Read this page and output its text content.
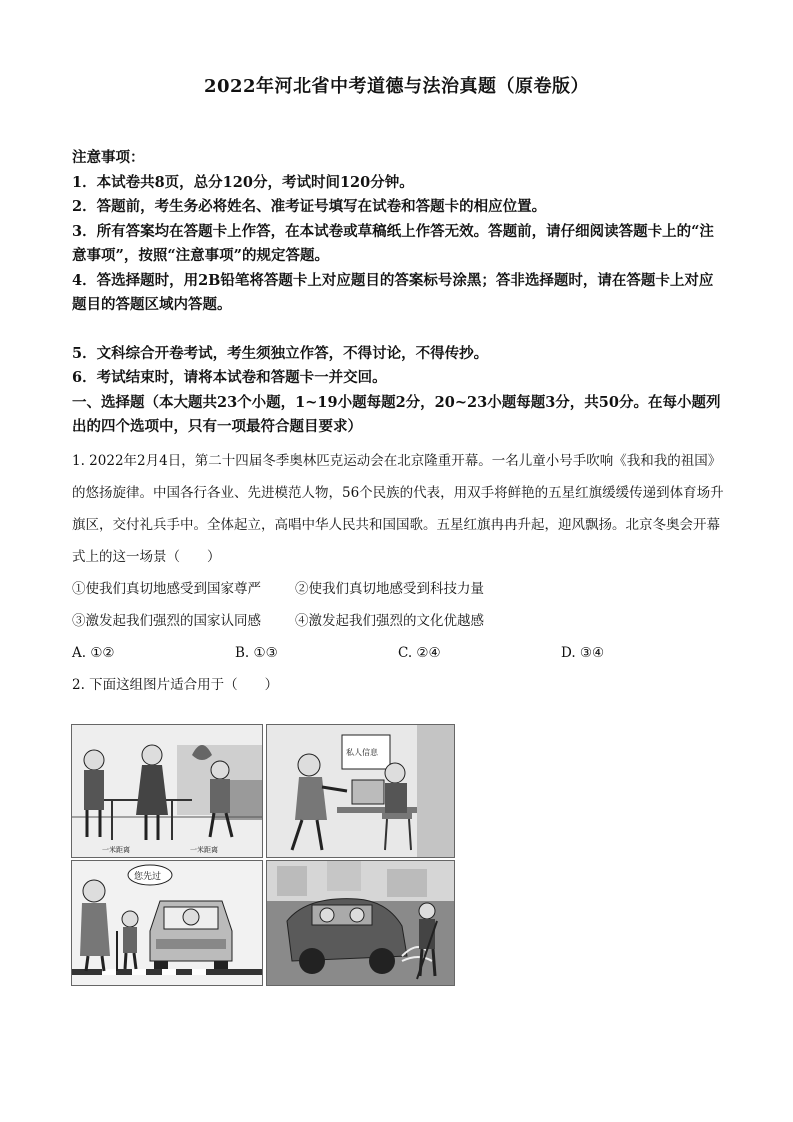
2022年河北省中考道德与法治真题（原卷版）

注意事项：

1．本试卷共8页，总分120分，考试时间120分钟。

2．答题前，考生务必将姓名、准考证号填写在试卷和答题卡的相应位置。

3．所有答案均在答题卡上作答，在本试卷或草稿纸上作答无效。答题前，请仔细阅读答题卡上的“注意事项”，按照“注意事项”的规定答题。

4．答选择题时，用2B铅笔将答题卡上对应题目的答案标号涂黑；答非选择题时，请在答题卡上对应题目的答题区域内答题。

5．文科综合开卷考试，考生须独立作答，不得讨论，不得传抄。

6．考试结束时，请将本试卷和答题卡一并交回。

一、选择题（本大题共23个小题，1~19小题每题2分，20~23小题每题3分，共50分。在每小题列出的四个选项中，只有一项最符合题目要求）

1. 2022年2月4日，第二十四届冬季奥林匹克运动会在北京隆重开幕。一名儿童小号手吹响《我和我的祖国》的悠扬旋律。中国各行各业、先进模范人物，56个民族的代表，用双手将鲜艳的五星红旗缓缓传递到体育场升旗区，交付礼兵手中。全体起立，高唱中华人民共和国国歌。五星红旗冉冉升起，迎风飘扬。北京冬奥会开幕式上的这一场景（　　）

①使我们真切地感受到国家尊严	②使我们真切地感受到科技力量

③激发起我们强烈的国家认同感	④激发起我们强烈的文化优越感

A. ①②	B. ①③	C. ②④	D. ③④

2. 下面这组图片适合用于（　　）

一米距离	一米距离
私人信息
您先过
